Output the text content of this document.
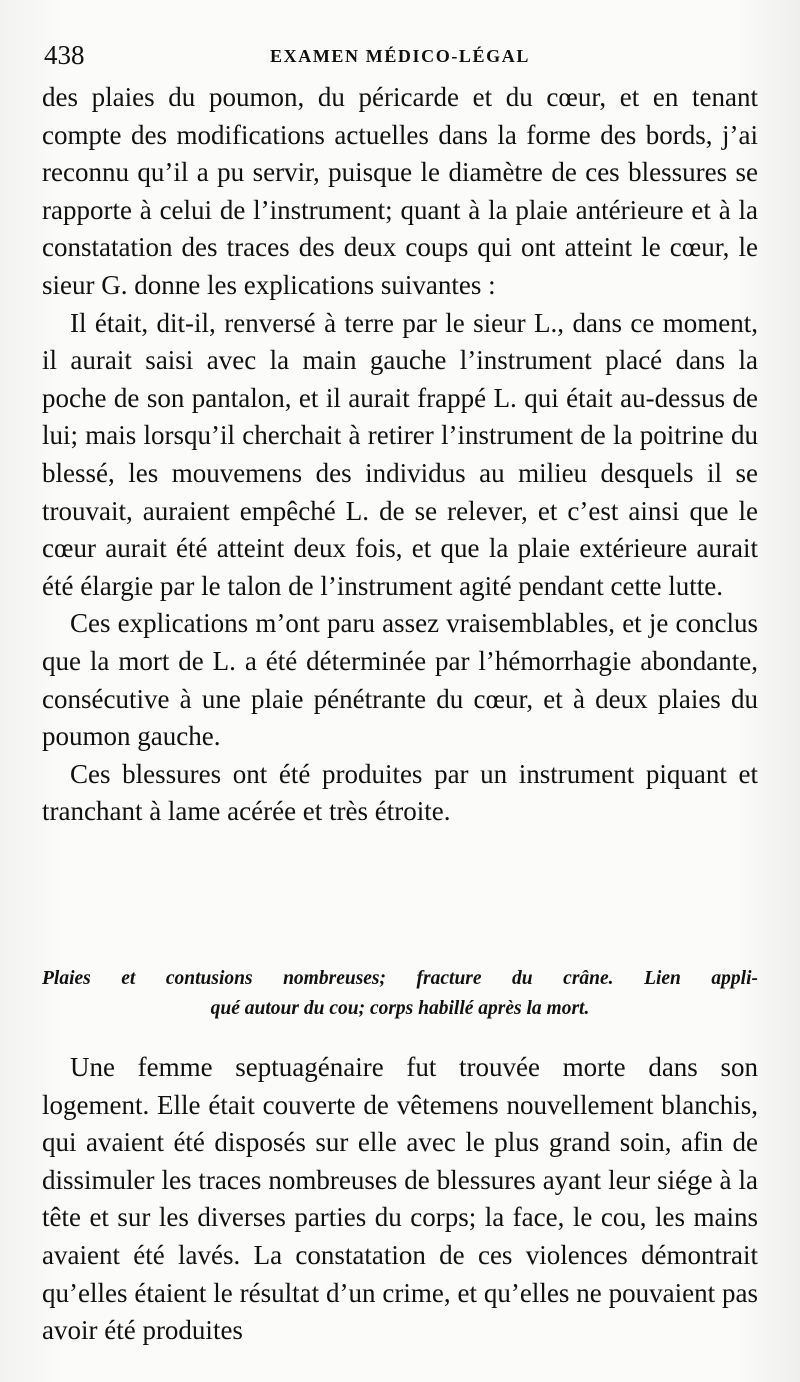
438	EXAMEN MÉDICO-LÉGAL

des plaies du poumon, du péricarde et du cœur, et en tenant compte des modifications actuelles dans la forme des bords, j’ai reconnu qu’il a pu servir, puisque le diamètre de ces blessures se rapporte à celui de l’instrument; quant à la plaie antérieure et à la constatation des traces des deux coups qui ont atteint le cœur, le sieur G. donne les explications suivantes :

Il était, dit-il, renversé à terre par le sieur L., dans ce moment, il aurait saisi avec la main gauche l’instrument placé dans la poche de son pantalon, et il aurait frappé L. qui était au-dessus de lui; mais lorsqu’il cherchait à retirer l’instrument de la poitrine du blessé, les mouvemens des individus au milieu desquels il se trouvait, auraient empêché L. de se relever, et c’est ainsi que le cœur aurait été atteint deux fois, et que la plaie extérieure aurait été élargie par le talon de l’instrument agité pendant cette lutte.

Ces explications m’ont paru assez vraisemblables, et je conclus que la mort de L. a été déterminée par l’hémorrhagie abondante, consécutive à une plaie pénétrante du cœur, et à deux plaies du poumon gauche.

Ces blessures ont été produites par un instrument piquant et tranchant à lame acérée et très étroite.

Plaies et contusions nombreuses; fracture du crâne. Lien appli-
qué autour du cou; corps habillé après la mort.

Une femme septuagénaire fut trouvée morte dans son logement. Elle était couverte de vêtemens nouvellement blanchis, qui avaient été disposés sur elle avec le plus grand soin, afin de dissimuler les traces nombreuses de blessures ayant leur siége à la tête et sur les diverses parties du corps; la face, le cou, les mains avaient été lavés. La constatation de ces violences démontrait qu’elles étaient le résultat d’un crime, et qu’elles ne pouvaient pas avoir été produites
